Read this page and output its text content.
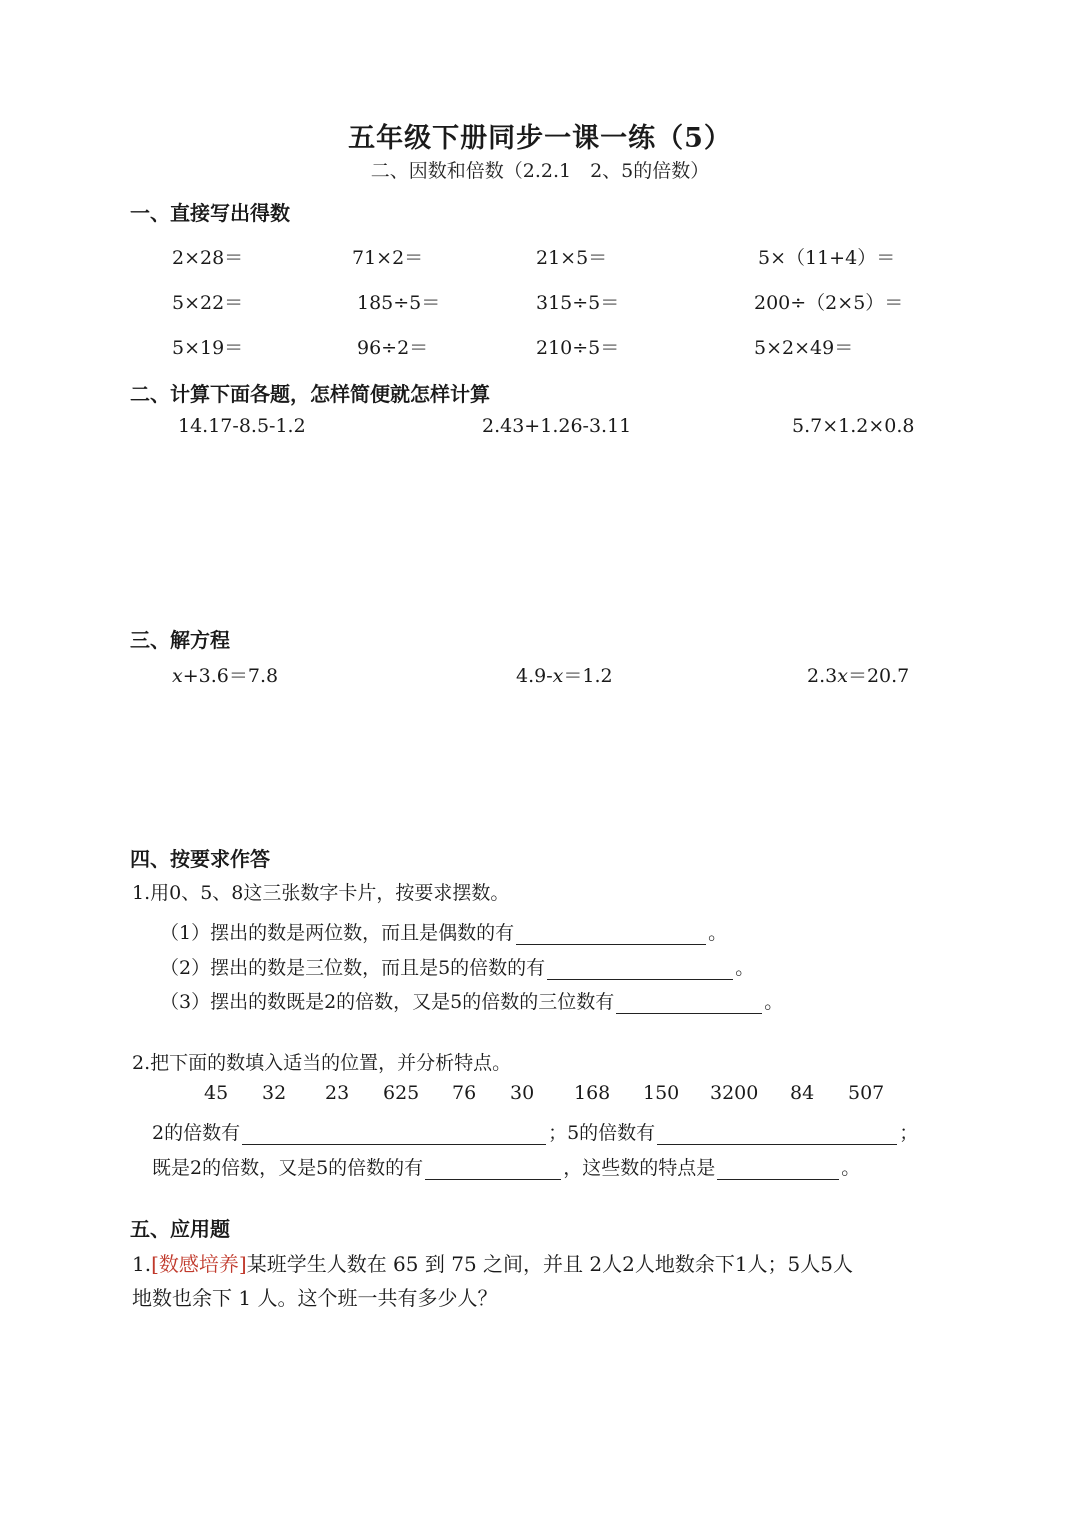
五年级下册同步一课一练（5）
二、因数和倍数（2.2.1　2、5的倍数）
一、直接写出得数
2×28＝	71×2＝	21×5＝	5×（11+4）＝
5×22＝	185÷5＝	315÷5＝	200÷（2×5）＝
5×19＝	96÷2＝	210÷5＝	5×2×49＝
二、计算下面各题，怎样简便就怎样计算
14.17-8.5-1.2	2.43+1.26-3.11	5.7×1.2×0.8
三、解方程
x+3.6＝7.8	4.9-x＝1.2	2.3x＝20.7
四、按要求作答
1.用0、5、8这三张数字卡片，按要求摆数。
（1）摆出的数是两位数，而且是偶数的有	。
（2）摆出的数是三位数，而且是5的倍数的有	。
（3）摆出的数既是2的倍数，又是5的倍数的三位数有	。
2.把下面的数填入适当的位置，并分析特点。
45 32 23 625 76 30 168 150 3200 84 507
2的倍数有	；5的倍数有	；
既是2的倍数，又是5的倍数的有	，这些数的特点是	。
五、应用题
1.[数感培养]某班学生人数在 65 到 75 之间，并且 2人2人地数余下1人；5人5人
地数也余下 1 人。这个班一共有多少人？
